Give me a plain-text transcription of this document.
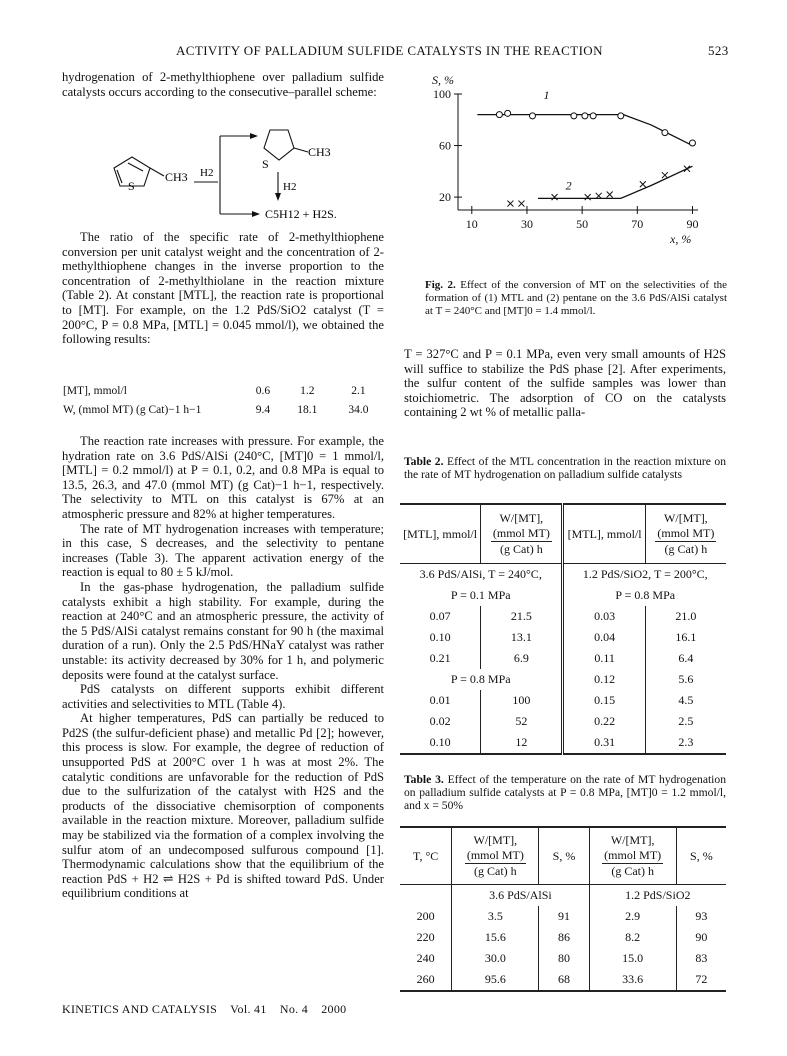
ACTIVITY OF PALLADIUM SULFIDE CATALYSTS IN THE REACTION	523

hydrogenation of 2-methylthiophene over palladium sulfide catalysts occurs according to the consecutive–parallel scheme:

S
CH3 H2
S
CH3
H2
C5H12 + H2S.

The ratio of the specific rate of 2-methylthiophene conversion per unit catalyst weight and the concentration of 2-methylthiophene changes in the inverse proportion to the concentration of 2-methylthiolane in the reaction mixture (Table 2). At constant [MTL], the reaction rate is proportional to [MT]. For example, on the 1.2 PdS/SiO2 catalyst (T = 200°C, P = 0.8 MPa, [MTL] = 0.045 mmol/l), we obtained the following results:

[MT], mmol/l	0.6	1.2	2.1
W, (mmol MT) (g Cat)−1 h−1	9.4	18.1	34.0

The reaction rate increases with pressure. For example, the hydration rate on 3.6 PdS/AlSi (240°C, [MT]0 = 1 mmol/l, [MTL] = 0.2 mmol/l) at P = 0.1, 0.2, and 0.8 MPa is equal to 13.5, 26.3, and 47.0 (mmol MT) (g Cat)−1 h−1, respectively. The selectivity to MTL on this catalyst is 67% at an atmospheric pressure and 82% at higher temperatures.

The rate of MT hydrogenation increases with temperature; in this case, S decreases, and the selectivity to pentane increases (Table 3). The apparent activation energy of the reaction is equal to 80 ± 5 kJ/mol.

In the gas-phase hydrogenation, the palladium sulfide catalysts exhibit a high stability. For example, during the reaction at 240°C and an atmospheric pressure, the activity of the 5 PdS/AlSi catalyst remains constant for 90 h (the maximal duration of a run). Only the 2.5 PdS/HNaY catalyst was rather unstable: its activity decreased by 30% for 1 h, and polymeric deposits were found at the catalyst surface.

PdS catalysts on different supports exhibit different activities and selectivities to MTL (Table 4).

At higher temperatures, PdS can partially be reduced to Pd2S (the sulfur-deficient phase) and metallic Pd [2]; however, this process is slow. For example, the degree of reduction of unsupported PdS at 200°C over 1 h was at most 2%. The catalytic conditions are unfavorable for the reduction of PdS due to the sulfurization of the catalyst with H2S and the products of the dissociative chemisorption of components available in the reaction mixture. Moreover, palladium sulfide may be stabilized via the formation of a complex involving the sulfur atom of an undecomposed sulfurous compound [1]. Thermodynamic calculations show that the equilibrium of the reaction PdS + H2 ⇌ H2S + Pd is shifted toward PdS. Under equilibrium conditions at

20
60
100
10	30	50	70	90
S, %
x, %
1
2
Fig. 2. Effect of the conversion of MT on the selectivities of the formation of (1) MTL and (2) pentane on the 3.6 PdS/AlSi catalyst at T = 240°C and [MT]0 = 1.4 mmol/l.

T = 327°C and P = 0.1 MPa, even very small amounts of H2S will suffice to stabilize the PdS phase [2]. After experiments, the sulfur content of the sulfide samples was lower than stoichiometric. The adsorption of CO on the catalysts containing 2 wt % of metallic palla-

Table 2. Effect of the MTL concentration in the reaction mixture on the rate of MT hydrogenation on palladium sulfide catalysts
[MTL], mmol/l	W/[MT],
(mmol MT)
(g Cat) h	[MTL], mmol/l	W/[MT],
(mmol MT)
(g Cat) h

3.6 PdS/AlSi, T = 240°C,		1.2 PdS/SiO2, T = 200°C,	
P = 0.1 MPa		P = 0.8 MPa	
0.07	21.5	0.03	21.0
0.10	13.1	0.04	16.1
0.21	6.9	0.11	6.4
P = 0.8 MPa		0.12	5.6
0.01	100	0.15	4.5
0.02	52	0.22	2.5
0.10	12	0.31	2.3
Table 3. Effect of the temperature on the rate of MT hydrogenation on palladium sulfide catalysts at P = 0.8 MPa, [MT]0 = 1.2 mmol/l, and x = 50%
T, °C	W/[MT],
(mmol MT)
(g Cat) h	S, %	W/[MT],
(mmol MT)
(g Cat) h	S, %
	3.6 PdS/AlSi		1.2 PdS/SiO2	
200	3.5	91	2.9	93
220	15.6	86	8.2	90
240	30.0	80	15.0	83
260	95.6	68	33.6	72
KINETICS AND CATALYSIS Vol. 41 No. 4 2000
